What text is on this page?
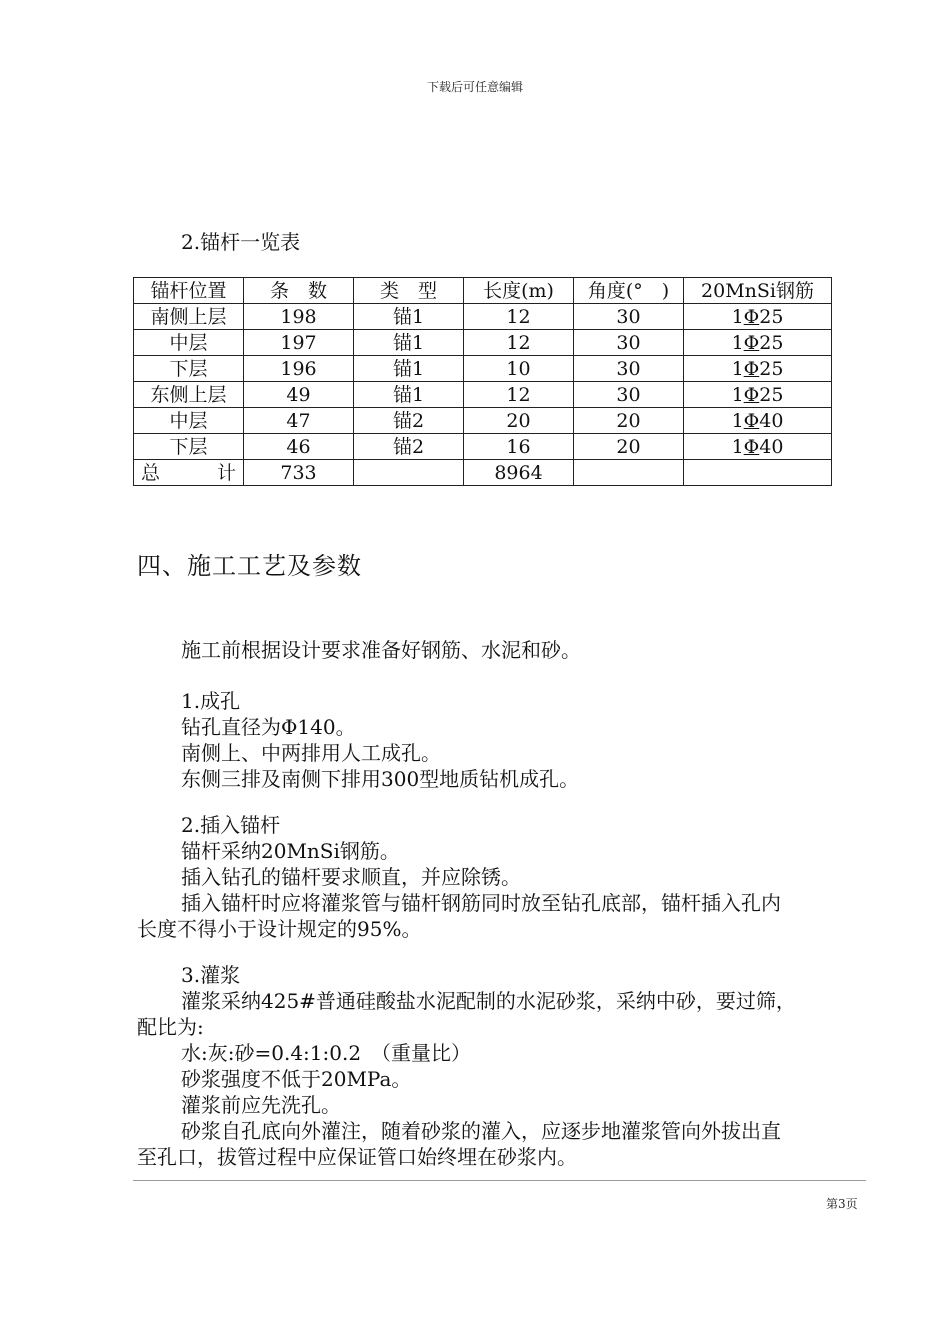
下载后可任意编辑
2.锚杆一览表
锚杆位置	条　数	类　型	长度(m)	角度(°　)	20MnSi钢筋
南侧上层	198	锚1	12	30	1Φ25
中层	197	锚1	12	30	1Φ25
下层	196	锚1	10	30	1Φ25
东侧上层	49	锚1	12	30	1Φ25
中层	47	锚2	20	20	1Φ40
下层	46	锚2	16	20	1Φ40
总　　　计	733		8964		
四、施工工艺及参数
施工前根据设计要求准备好钢筋、水泥和砂。
1.成孔
钻孔直径为Φ140。
南侧上、中两排用人工成孔。
东侧三排及南侧下排用300型地质钻机成孔。
2.插入锚杆
锚杆采纳20MnSi钢筋。
插入钻孔的锚杆要求顺直，并应除锈。
插入锚杆时应将灌浆管与锚杆钢筋同时放至钻孔底部，锚杆插入孔内
长度不得小于设计规定的95%。
3.灌浆
灌浆采纳425#普通硅酸盐水泥配制的水泥砂浆，采纳中砂，要过筛，
配比为:
水:灰:砂=0.4:1:0.2　（重量比）
砂浆强度不低于20MPa。
灌浆前应先洗孔。
砂浆自孔底向外灌注，随着砂浆的灌入，应逐步地灌浆管向外拔出直
至孔口，拔管过程中应保证管口始终埋在砂浆内。
第3页
